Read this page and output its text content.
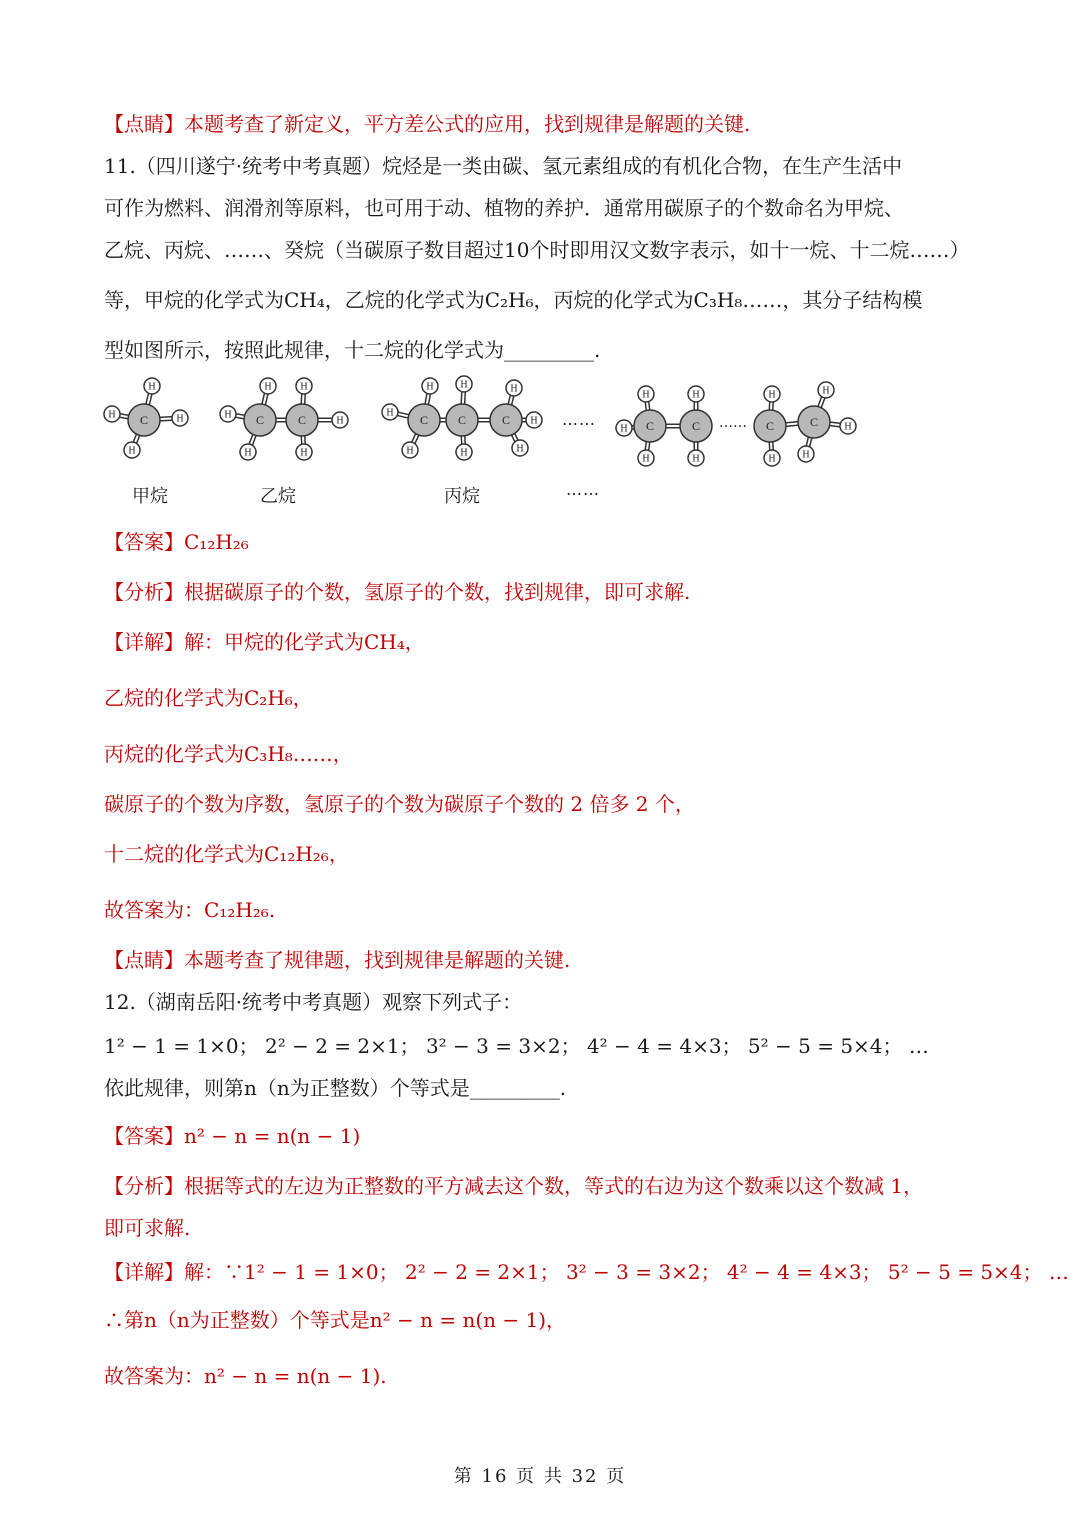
【点睛】本题考查了新定义，平方差公式的应用，找到规律是解题的关键.
11.（四川遂宁·统考中考真题）烷烃是一类由碳、氢元素组成的有机化合物，在生产生活中
可作为燃料、润滑剂等原料，也可用于动、植物的养护．通常用碳原子的个数命名为甲烷、
乙烷、丙烷、……、癸烷（当碳原子数目超过10个时即用汉文数字表示，如十一烷、十二烷……）
等，甲烷的化学式为CH₄，乙烷的化学式为C₂H₆，丙烷的化学式为C₃H₈……，其分子结构模
型如图所示，按照此规律，十二烷的化学式为_________.
H
H	H
H
C
H
H
H
H
H
H
C	C
H
H
H
H
H
H
H
H
C C	C
H
H
H
H
H
C	C
H
H
H
H
H
C	C
……
甲烷	乙烷	丙烷
……
……
【答案】C₁₂H₂₆
【分析】根据碳原子的个数，氢原子的个数，找到规律，即可求解.
【详解】解：甲烷的化学式为CH₄，
乙烷的化学式为C₂H₆，
丙烷的化学式为C₃H₈……，
碳原子的个数为序数，氢原子的个数为碳原子个数的 2 倍多 2 个，
十二烷的化学式为C₁₂H₂₆，
故答案为：C₁₂H₂₆.
【点睛】本题考查了规律题，找到规律是解题的关键.
12.（湖南岳阳·统考中考真题）观察下列式子：
1² − 1 = 1×0； 2² − 2 = 2×1； 3² − 3 = 3×2； 4² − 4 = 4×3； 5² − 5 = 5×4； …
依此规律，则第n（n为正整数）个等式是_________.
【答案】n² − n = n(n − 1)
【分析】根据等式的左边为正整数的平方减去这个数，等式的右边为这个数乘以这个数减 1，
即可求解.
【详解】解：∵1² − 1 = 1×0； 2² − 2 = 2×1； 3² − 3 = 3×2； 4² − 4 = 4×3； 5² − 5 = 5×4； …
∴第n（n为正整数）个等式是n² − n = n(n − 1)，
故答案为：n² − n = n(n − 1).
第 16 页 共 32 页
